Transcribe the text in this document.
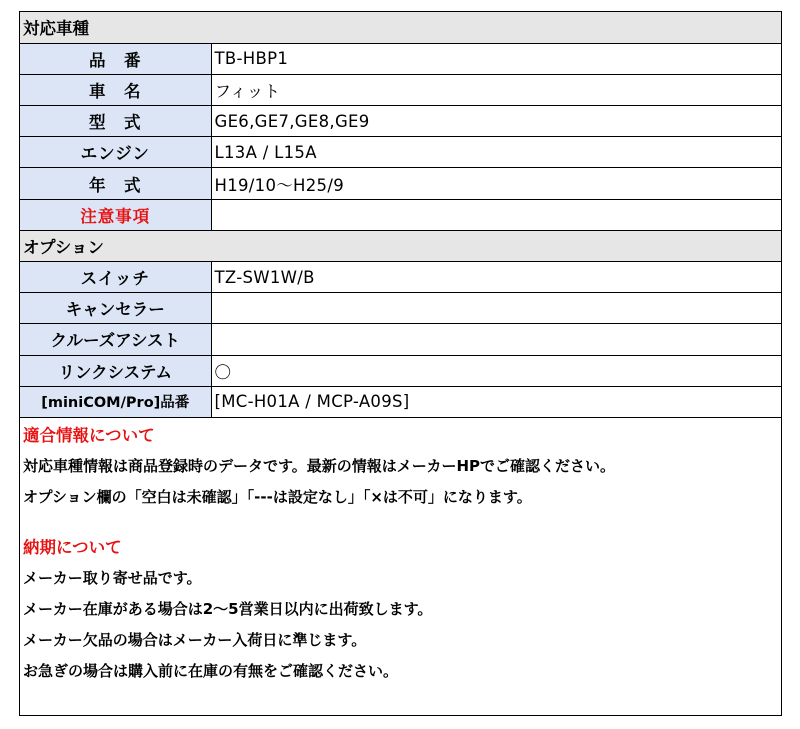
対応車種	
品　番	TB-HBP1
車　名	フィット
型　式	GE6,GE7,GE8,GE9
エンジン	L13A / L15A
年　式	H19/10〜H25/9
注意事項	
オプション	
スイッチ	TZ-SW1W/B
キャンセラー	
クルーズアシスト	
リンクシステム	〇
[miniCOM/Pro]品番	[MC-H01A / MCP-A09S]
適合情報について
対応車種情報は商品登録時のデータです。最新の情報はメーカーHPでご確認ください。
オプション欄の「空白は未確認」「---は設定なし」「×は不可」になります。
納期について
メーカー取り寄せ品です。
メーカー在庫がある場合は2〜5営業日以内に出荷致します。
メーカー欠品の場合はメーカー入荷日に準じます。
お急ぎの場合は購入前に在庫の有無をご確認ください。
